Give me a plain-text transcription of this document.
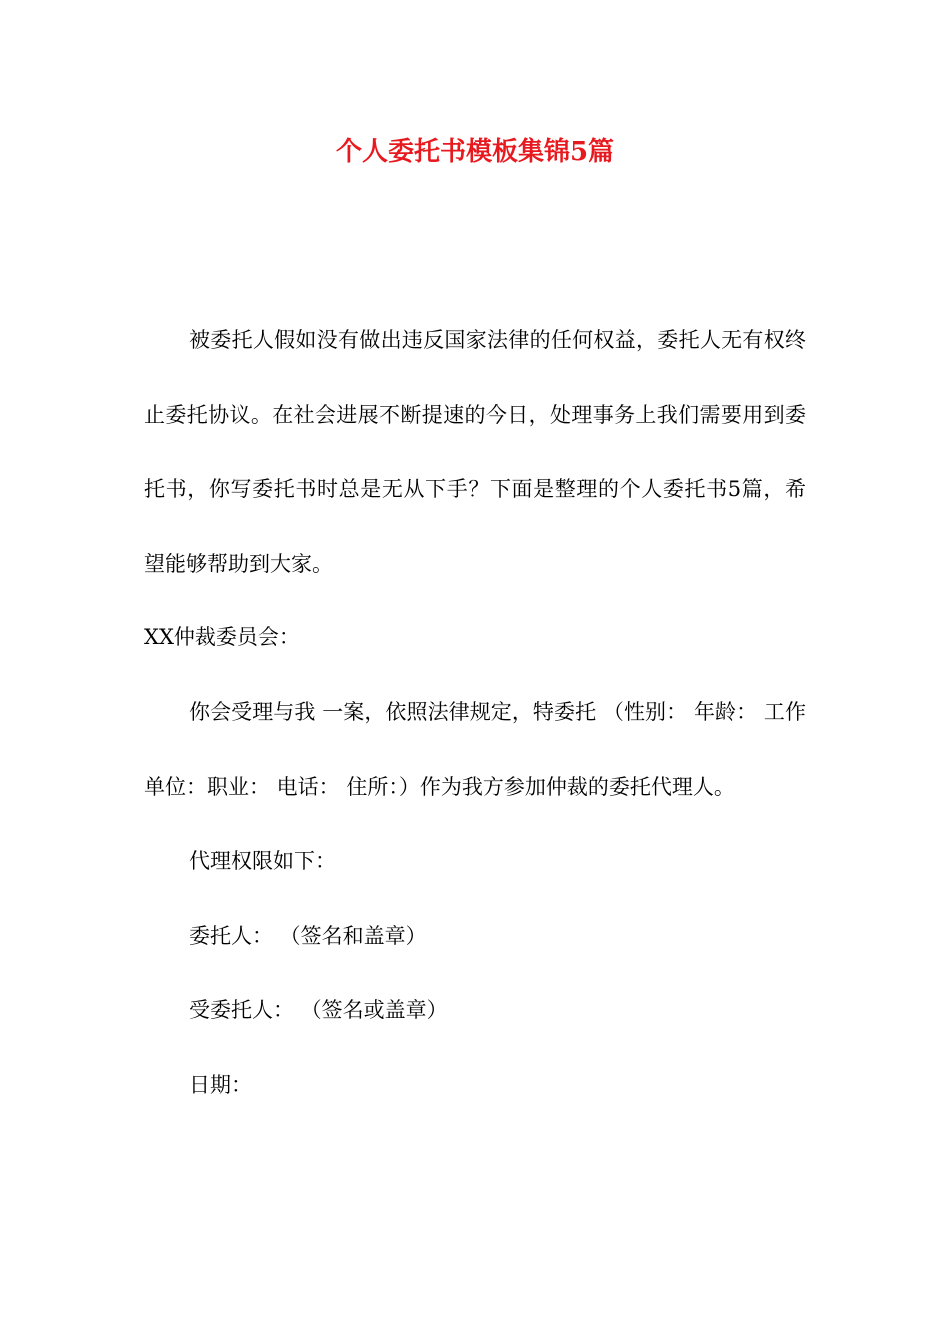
个人委托书模板集锦5篇

被委托人假如没有做出违反国家法律的任何权益，委托人无有权终止委托协议。在社会进展不断提速的今日，处理事务上我们需要用到委托书，你写委托书时总是无从下手？下面是整理的个人委托书5篇，希望能够帮助到大家。

XX仲裁委员会：

你会受理与我 一案，依照法律规定，特委托 （性别： 年龄： 工作单位：职业： 电话： 住所：）作为我方参加仲裁的委托代理人。

代理权限如下：

委托人： （签名和盖章）

受委托人： （签名或盖章）

日期：
